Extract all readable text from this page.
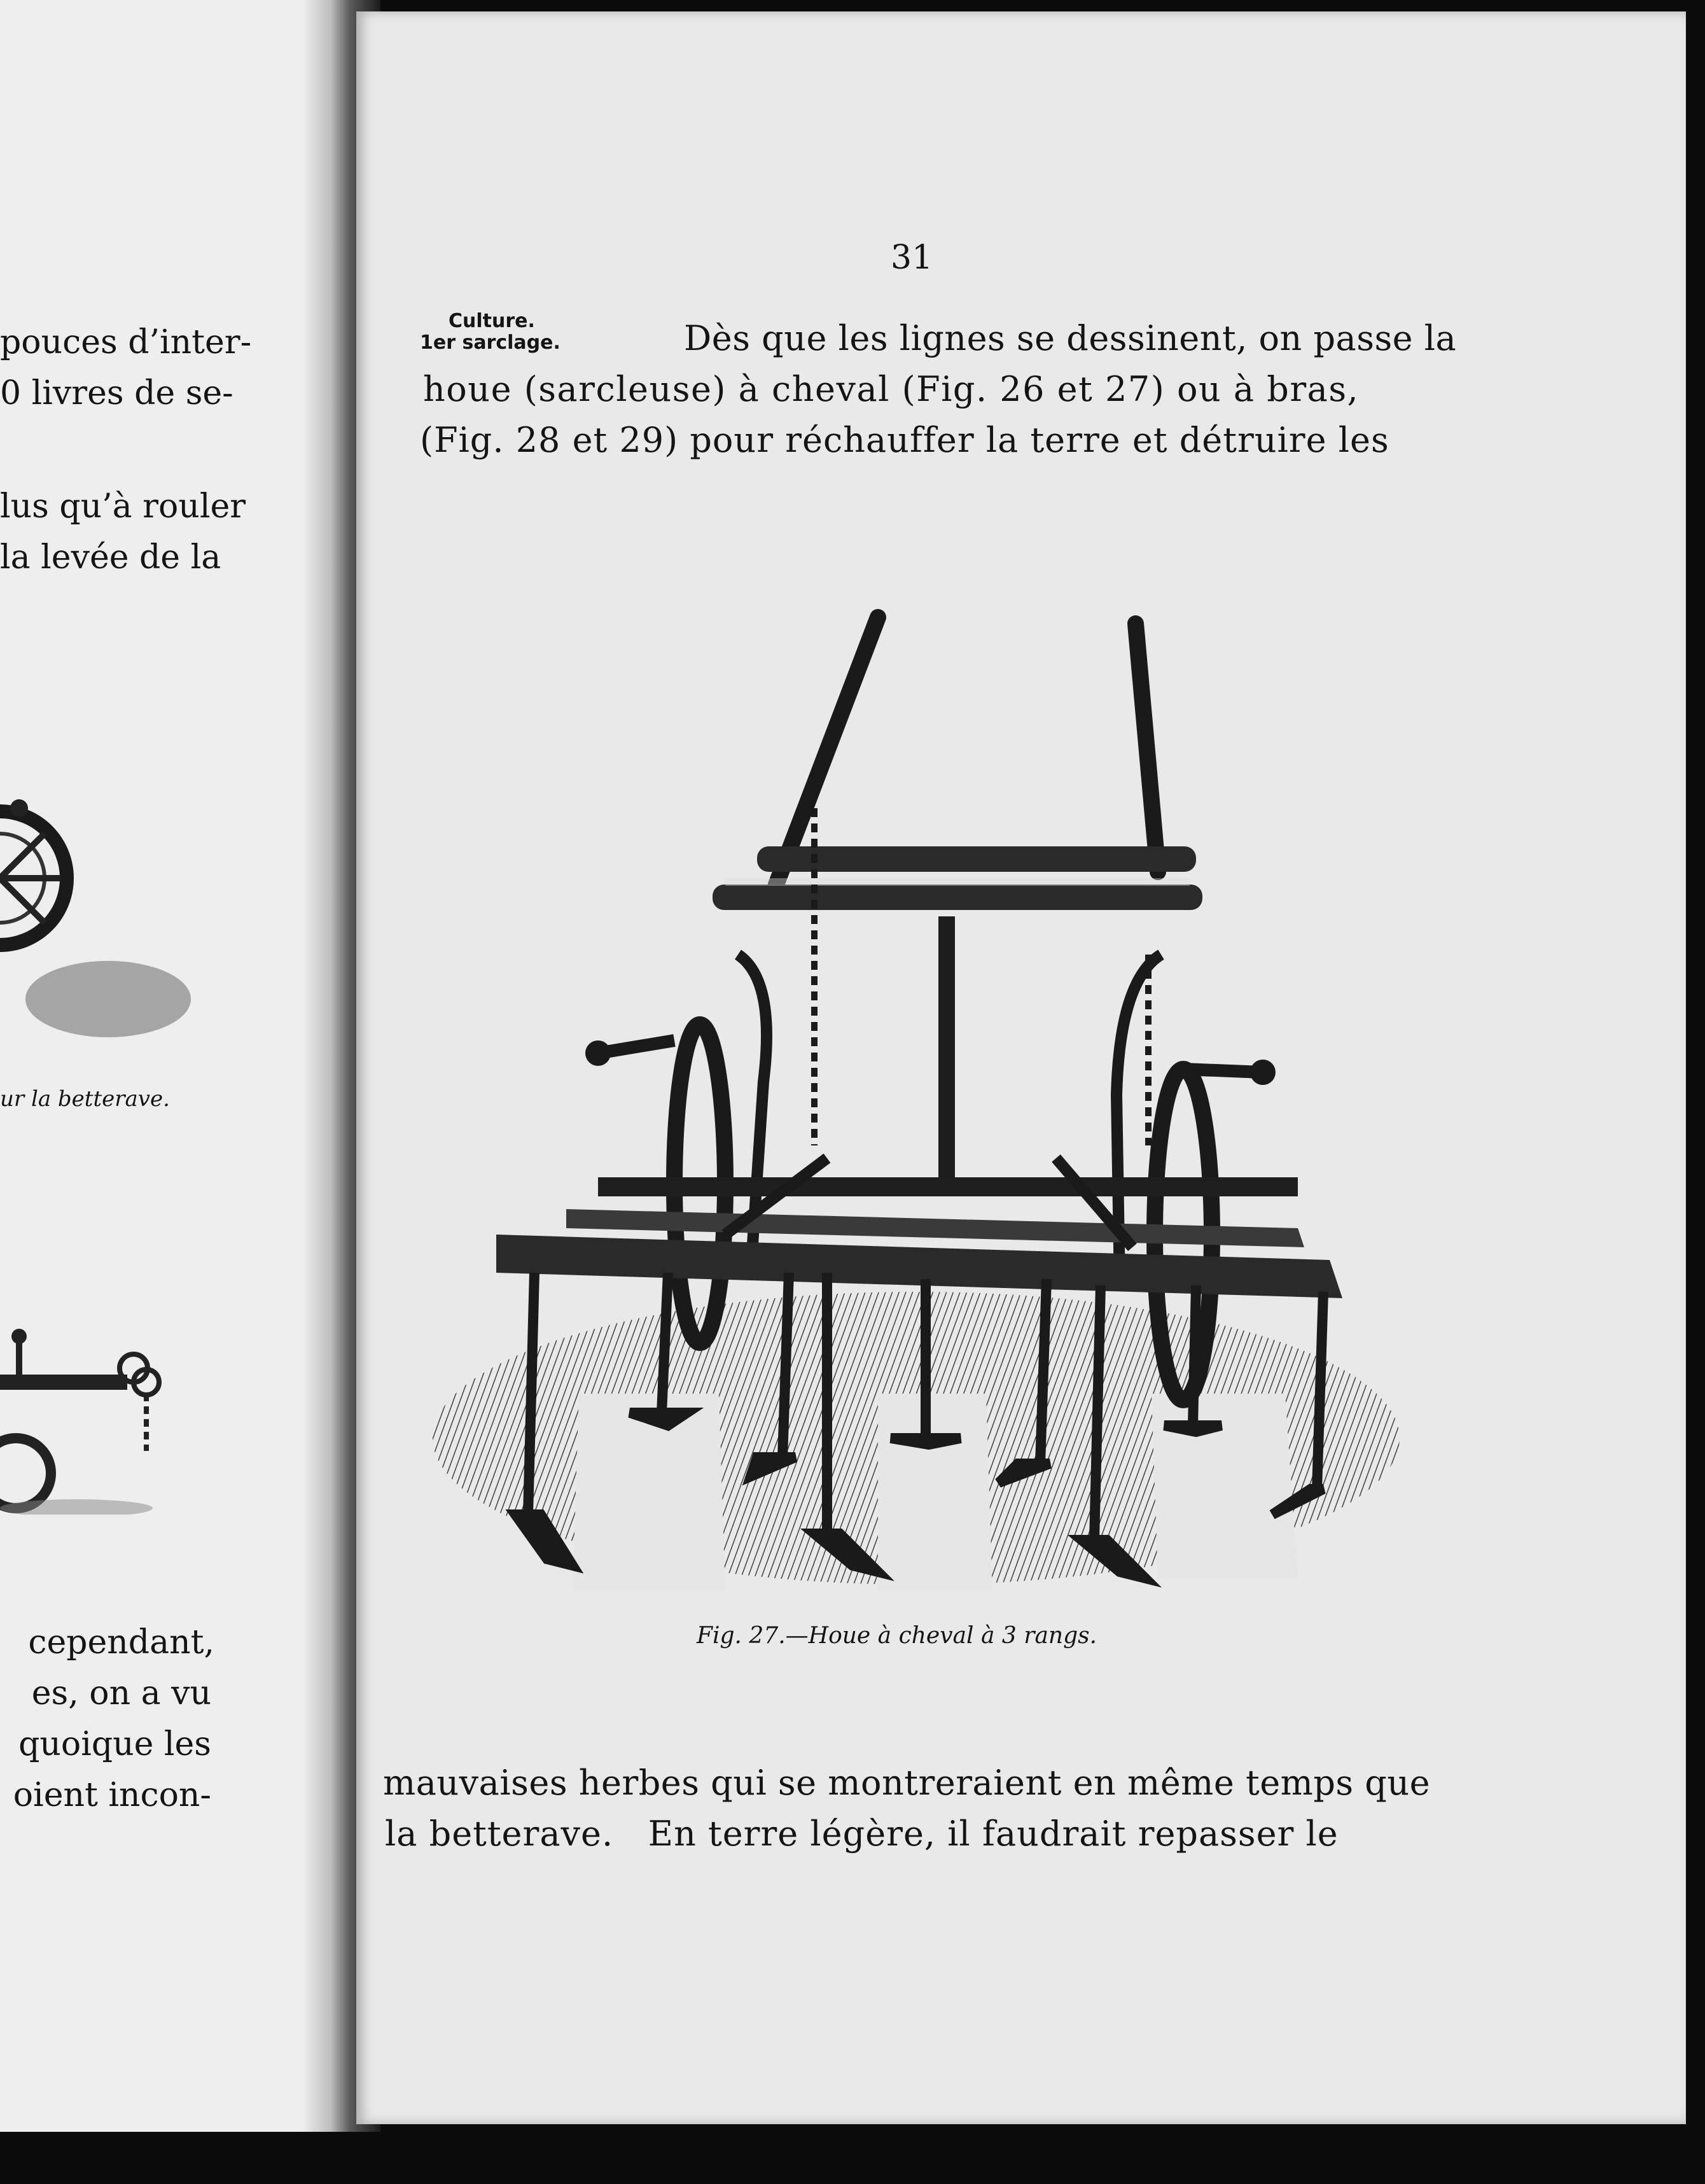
pouces d’inter-
0 livres de se-
lus qu’à rouler
la levée de la
ur la betterave.
cependant,
es, on a vu
quoique les
oient incon-
31
Culture.
1er sarclage.	Dès que les lignes se dessinent, on passe la
houe (sarcleuse) à cheval (Fig. 26 et 27) ou à bras,
(Fig. 28 et 29) pour réchauffer la terre et détruire les
Fig. 27.—Houe à cheval à 3 rangs.
mauvaises herbes qui se montreraient en même temps que
la betterave.   En terre légère, il faudrait repasser le
